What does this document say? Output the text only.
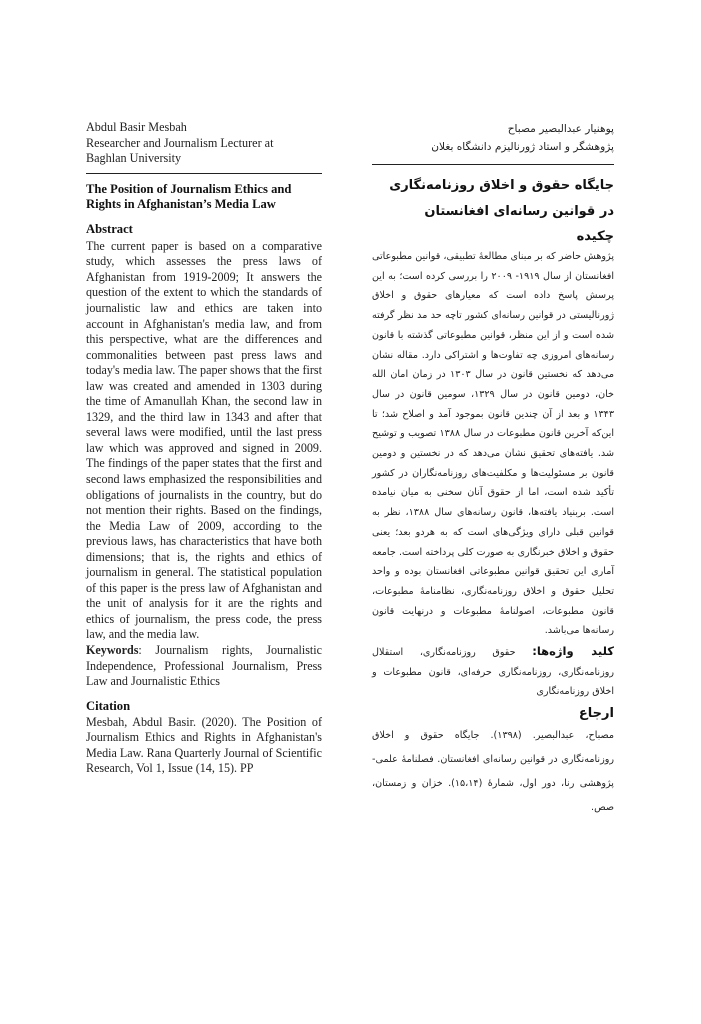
Abdul Basir Mesbah
Researcher and Journalism Lecturer at
Baghlan University
The Position of Journalism Ethics and Rights in Afghanistan’s Media Law
Abstract
The current paper is based on a comparative study, which assesses the press laws of Afghanistan from 1919-2009; It answers the question of the extent to which the standards of journalistic law and ethics are taken into account in Afghanistan's media law, and from this perspective, what are the differences and commonalities between past press laws and today's media law. The paper shows that the first law was created and amended in 1303 during the time of Amanullah Khan, the second law in 1329, and the third law in 1343 and after that several laws were modified, until the last press law which was approved and signed in 2009. The findings of the paper states that the first and second laws emphasized the responsibilities and obligations of journalists in the country, but do not mention their rights. Based on the findings, the Media Law of 2009, according to the previous laws, has characteristics that have both dimensions; that is, the rights and ethics of journalism in general. The statistical population of this paper is the press law of Afghanistan and the unit of analysis for it are the rights and ethics of journalism, the press code, the press law, and the media law.
Keywords: Journalism rights, Journalistic Independence, Professional Journalism, Press Law and Journalistic Ethics
Citation
Mesbah, Abdul Basir. (2020). The Position of Journalism Ethics and Rights in Afghanistan's Media Law. Rana Quarterly Journal of Scientific Research, Vol 1, Issue (14, 15). PP
پوهنیار عبدالبصیر مصباح
پژوهشگر و استاد ژورنالیزم دانشگاه بغلان
جایگاه حقوق و اخلاق روزنامه‌نگاری در قوانین رسانه‌ای افغانستان
چکیده
پژوهش حاضر که بر مبنای مطالعهٔ تطبیقی، قوانین مطبوعاتی افغانستان از سال ۱۹۱۹- ۲۰۰۹ را بررسی کرده است؛ به این پرسش پاسخ داده است که معیارهای حقوق و اخلاق ژورنالیستی در قوانین رسانه‌ای کشور تاچه حد مد نظر گرفته شده است و از این منظر، قوانین مطبوعاتی گذشته با قانون رسانه‌های امروزی چه تفاوت‌ها و اشتراکی دارد. مقاله نشان می‌دهد که نخستین قانون در سال ۱۳۰۳ در زمان امان الله خان، دومین قانون در سال ۱۳۲۹، سومین قانون در سال ۱۳۴۳ و بعد از آن چندین قانون بموجود آمد و اصلاح شد؛ تا این‌که آخرین قانون مطبوعات در سال ۱۳۸۸ تصویب و توشیح شد. یافته‌های تحقیق نشان می‌دهد که در نخستین و دومین قانون بر مسئولیت‌ها و مکلفیت‌های روزنامه‌نگاران در کشور تأکید شده است، اما از حقوق آنان سخنی به میان نیامده است. بربنیاد یافته‌ها، قانون رسانه‌های سال ۱۳۸۸، نظر به قوانین قبلی دارای ویژگی‌های است که به هردو بعد؛ یعنی حقوق و اخلاق خبرنگاری به صورت کلی پرداخته است. جامعه آماری این تحقیق قوانین مطبوعاتی افغانستان بوده و واحد تحلیل حقوق و اخلاق روزنامه‌نگاری، نظامنامهٔ مطبوعات، قانون مطبوعات، اصولنامهٔ مطبوعات و درنهایت قانون رسانه‌ها می‌باشد.
کلید واژه‌ها: حقوق روزنامه‌نگاری، استقلال روزنامه‌نگاری، روزنامه‌نگاری حرفه‌ای، قانون مطبوعات و اخلاق روزنامه‌نگاری
ارجاع
مصباح، عبدالبصیر. (۱۳۹۸). جایگاه حقوق و اخلاق روزنامه‌نگاری در قوانین رسانه‌ای افغانستان. فصلنامهٔ علمی- پژوهشی رنا، دور اول، شمارهٔ (۱۵،۱۴). خزان و زمستان، صص.
